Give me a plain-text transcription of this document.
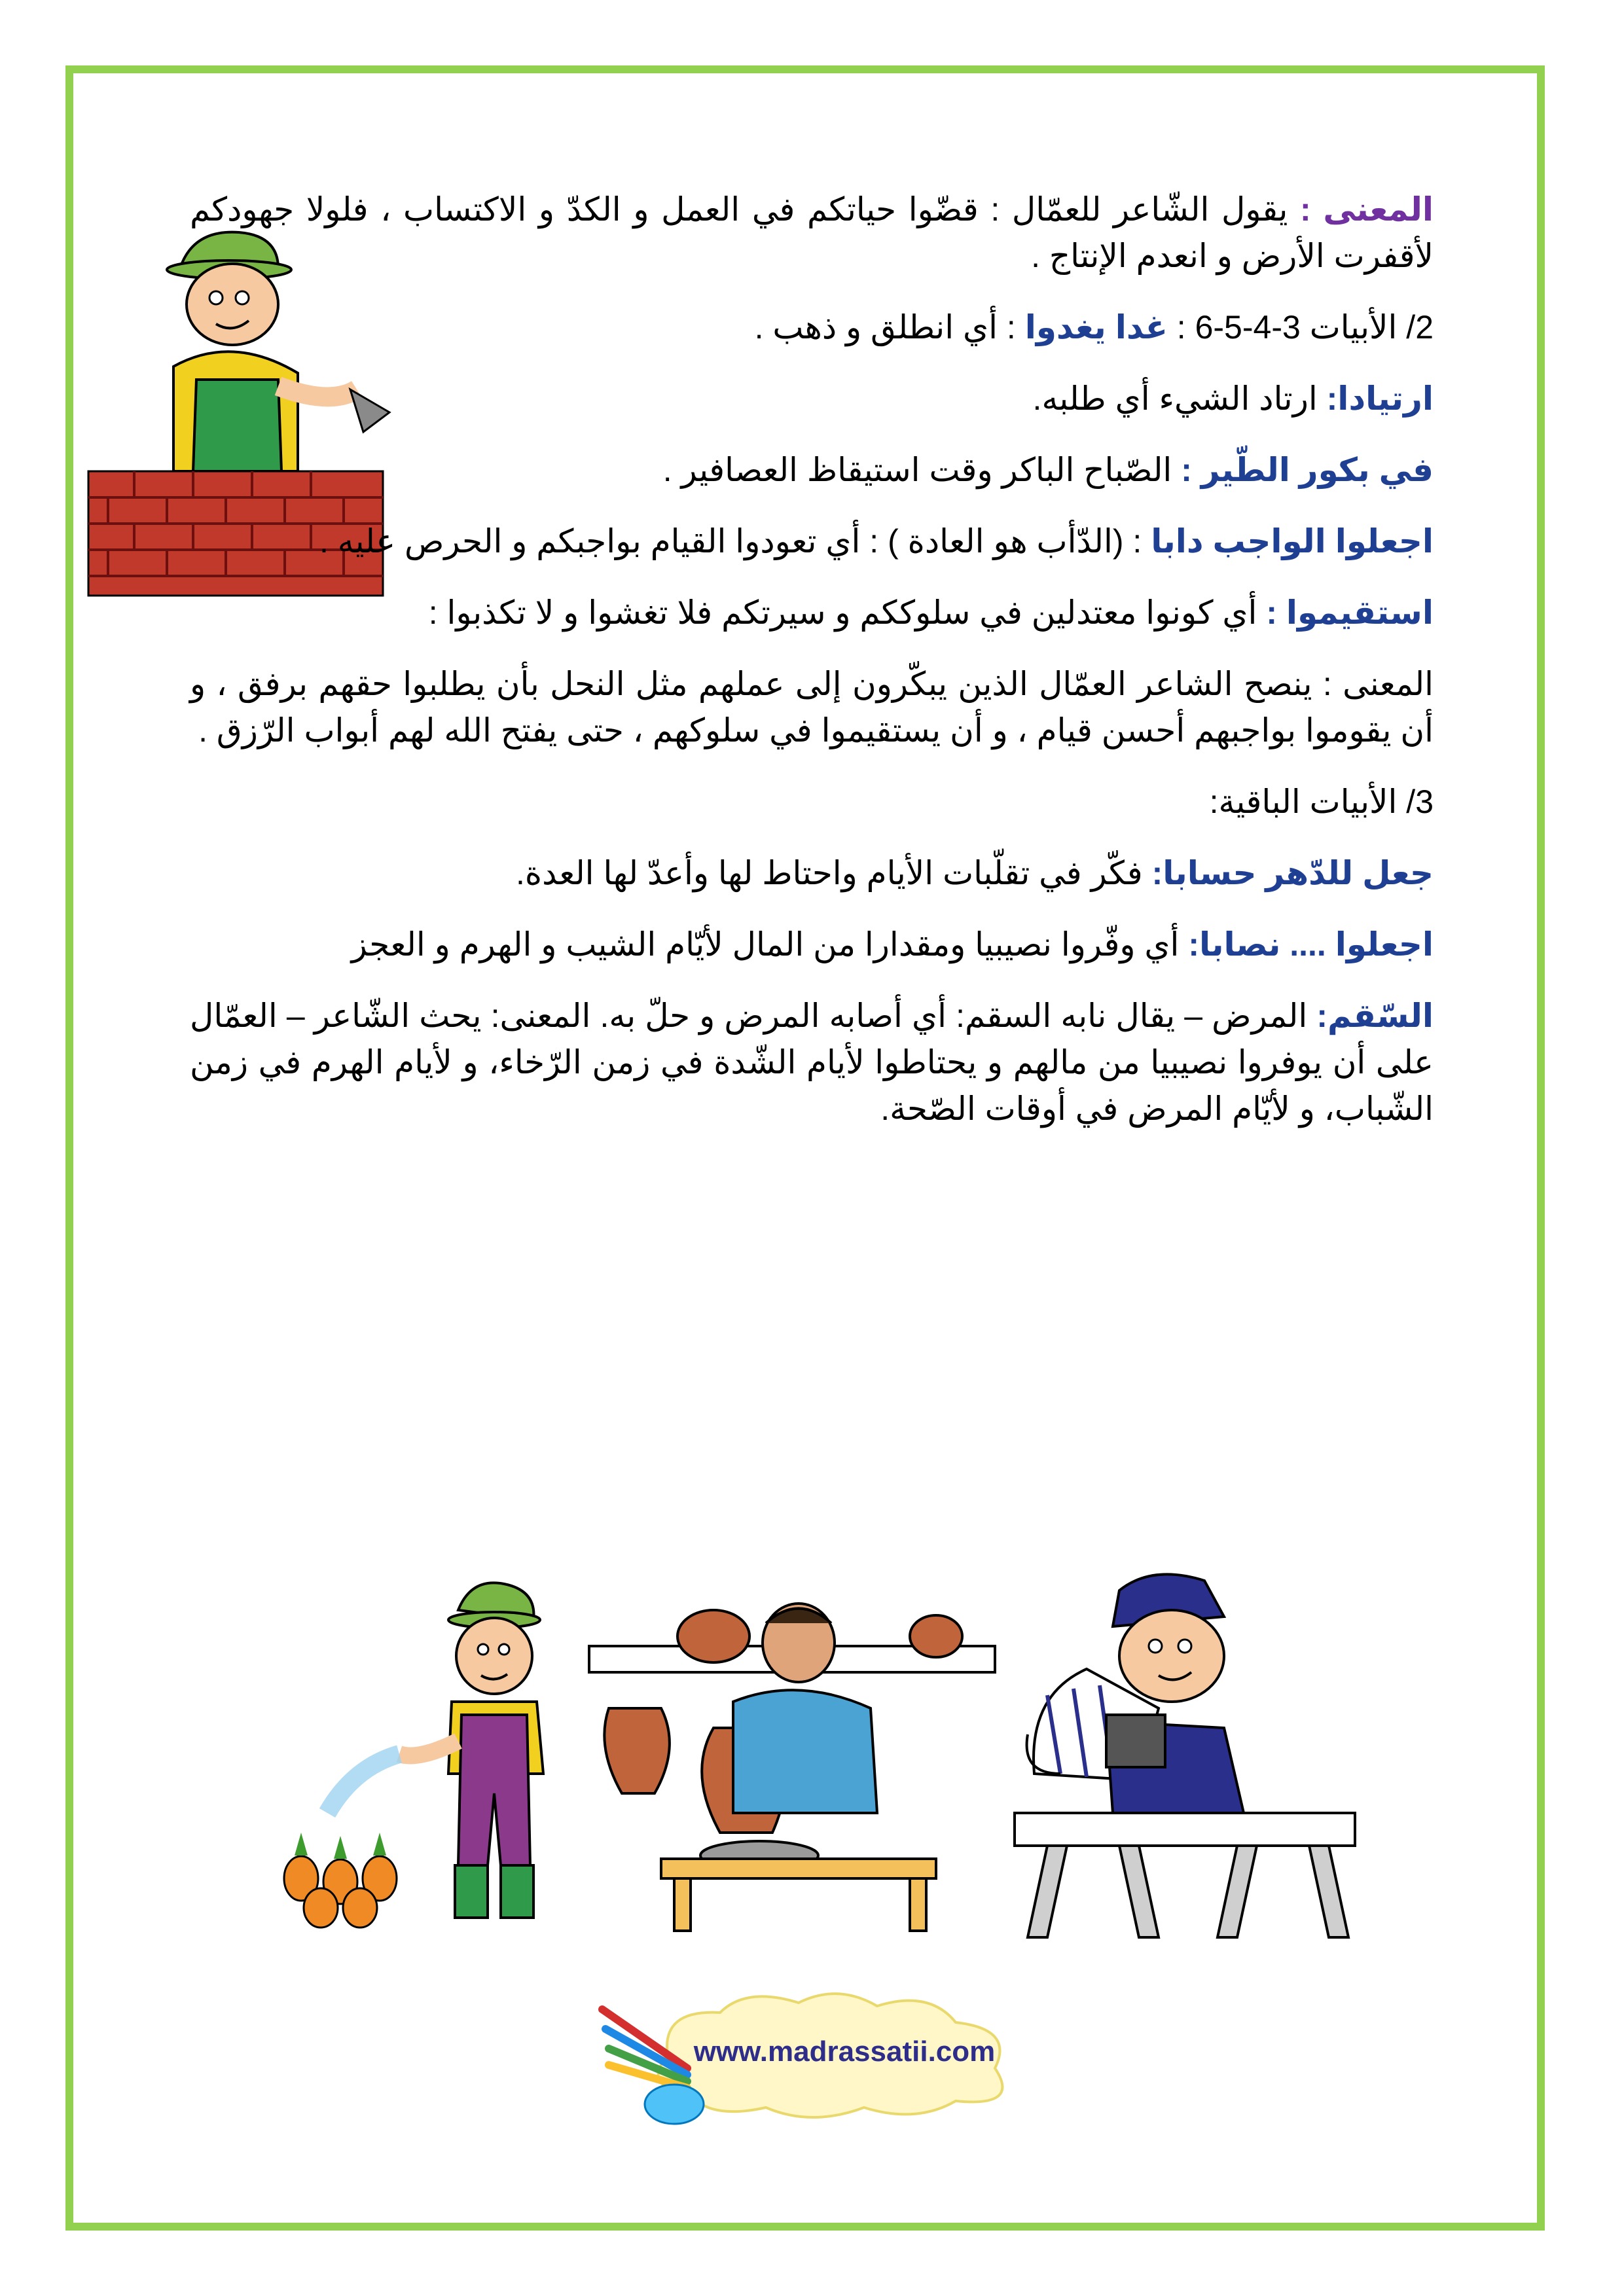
المعنى : يقول الشّاعر للعمّال : قضّوا حياتكم في العمل و الكدّ و الاكتساب ، فلولا جهودكم لأقفرت الأرض و انعدم الإنتاج .

2/ الأبيات 3-4-5-6 : غدا يغدوا : أي انطلق و ذهب .

ارتيادا: ارتاد الشيء أي طلبه.

في بكور الطّير : الصّباح الباكر وقت استيقاظ العصافير .

اجعلوا الواجب دابا : (الدّأب هو العادة ) : أي تعودوا القيام بواجبكم و الحرص عليه .

استقيموا : أي كونوا معتدلين في سلوككم و سيرتكم فلا تغشوا و لا تكذبوا :

المعنى : ينصح الشاعر العمّال الذين يبكّرون إلى عملهم مثل النحل بأن يطلبوا حقهم برفق ، و أن يقوموا بواجبهم أحسن قيام ، و أن يستقيموا في سلوكهم ، حتى يفتح الله لهم أبواب الرّزق .

3/ الأبيات الباقية:

جعل للدّهر حسابا: فكّر في تقلّبات الأيام واحتاط لها وأعدّ لها العدة.

اجعلوا .... نصابا: أي وفّروا نصيبيا ومقدارا من المال لأيّام الشيب و الهرم و العجز

السّقم: المرض – يقال نابه السقم: أي أصابه المرض و حلّ به. المعنى: يحث الشّاعر – العمّال على أن يوفروا نصيبيا من مالهم و يحتاطوا لأيام الشّدة في زمن الرّخاء، و لأيام الهرم في زمن الشّباب، و لأيّام المرض في أوقات الصّحة.

www.madrassatii.com
